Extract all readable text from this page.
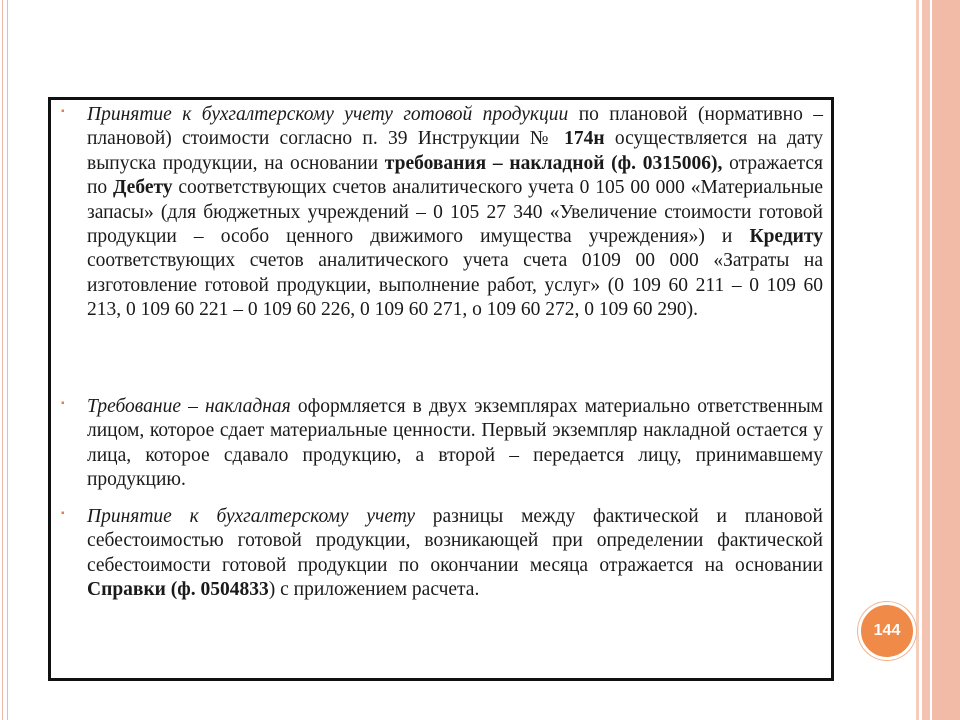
▪	Принятие к бухгалтерскому учету готовой продукции по плановой (нормативно – плановой) стоимости согласно п. 39 Инструкции № 174н осуществляется на дату выпуска продукции, на основании требования – накладной (ф. 0315006), отражается по Дебету соответствующих счетов аналитического учета 0 105 00 000 «Материальные запасы» (для бюджетных учреждений – 0 105 27 340 «Увеличение стоимости готовой продукции – особо ценного движимого имущества учреждения») и Кредиту соответствующих счетов аналитического учета счета 0109 00 000 «Затраты на изготовление готовой продукции, выполнение работ, услуг» (0 109 60 211 – 0 109 60 213, 0 109 60 221 – 0 109 60 226, 0 109 60 271, о 109 60 272, 0 109 60 290).

▪	Требование – накладная оформляется в двух экземплярах материально ответственным лицом, которое сдает материальные ценности. Первый экземпляр накладной остается у лица, которое сдавало продукцию, а второй – передается лицу, принимавшему продукцию.

▪	Принятие к бухгалтерскому учету разницы между фактической и плановой себестоимостью готовой продукции, возникающей при определении фактической себестоимости готовой продукции по окончании месяца отражается на основании Справки (ф. 0504833) с приложением расчета.

144
